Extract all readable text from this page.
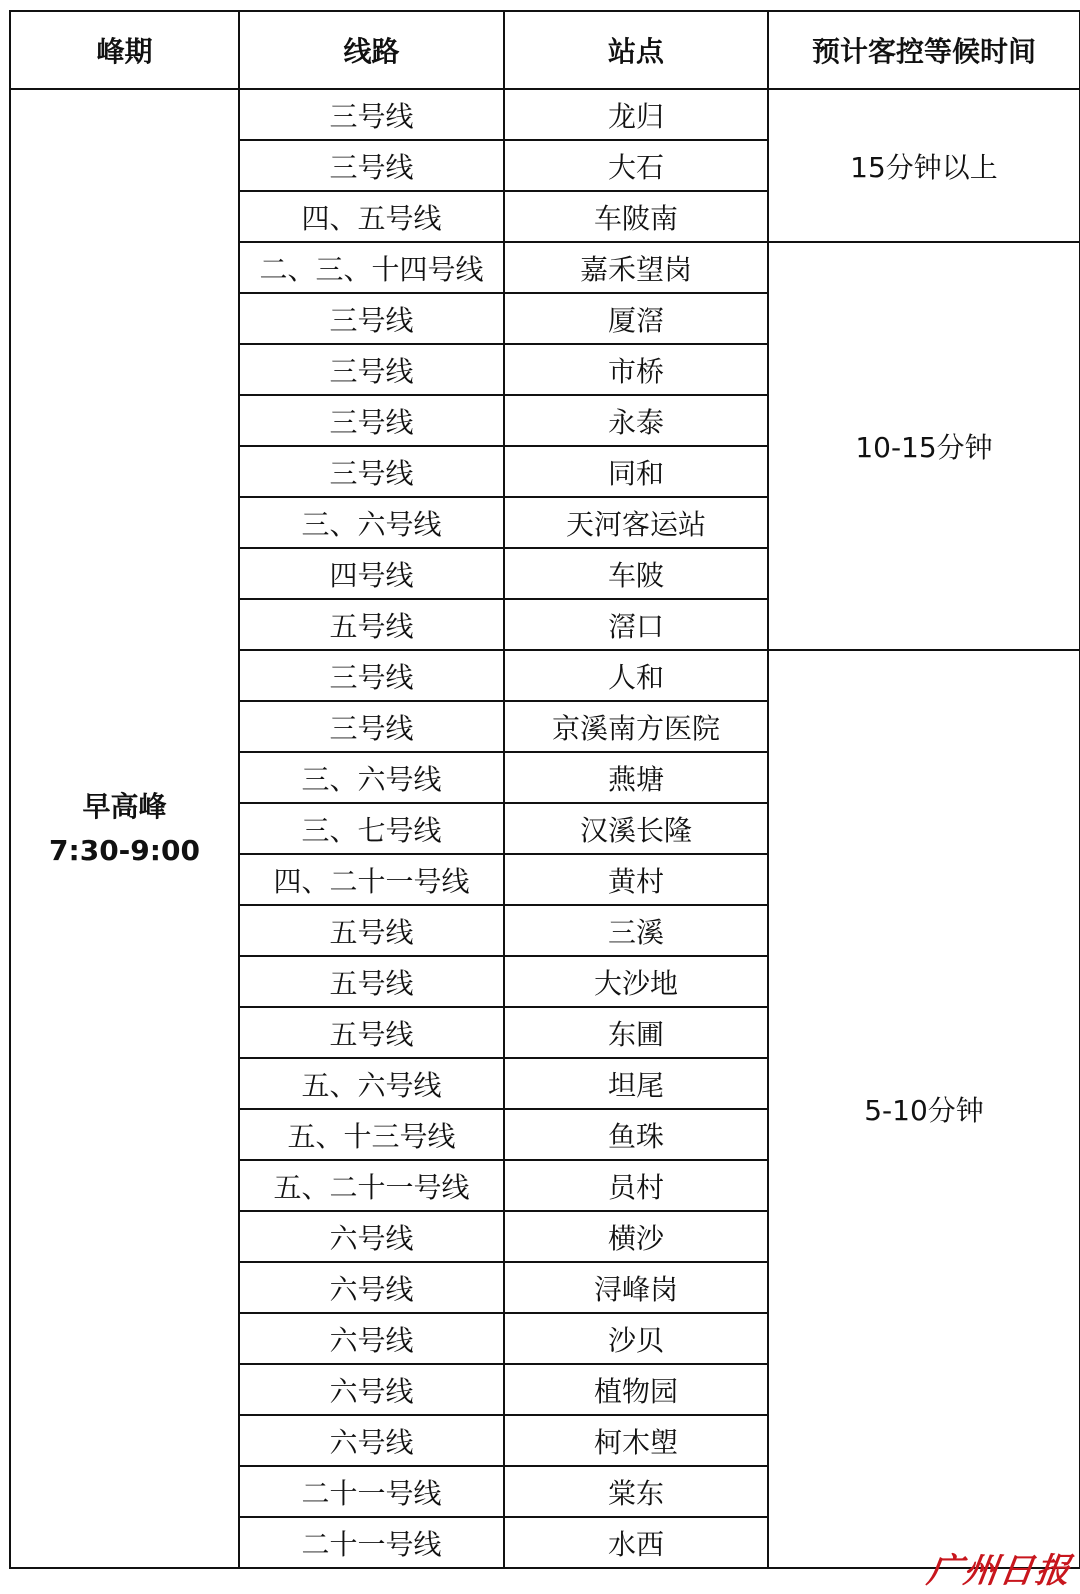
峰期	线路	站点	预计客控等候时间

早高峰
7:30-9:00	三号线	龙归	15分钟以上
	三号线	大石	
	四、五号线	车陂南	
	二、三、十四号线	嘉禾望岗	10-15分钟
	三号线	厦滘	
	三号线	市桥	
	三号线	永泰	
	三号线	同和	
	三、六号线	天河客运站	
	四号线	车陂	
	五号线	滘口	
	三号线	人和	5-10分钟
	三号线	京溪南方医院	
	三、六号线	燕塘	
	三、七号线	汉溪长隆	
	四、二十一号线	黄村	
	五号线	三溪	
	五号线	大沙地	
	五号线	东圃	
	五、六号线	坦尾	
	五、十三号线	鱼珠	
	五、二十一号线	员村	
	六号线	横沙	
	六号线	浔峰岗	
	六号线	沙贝	
	六号线	植物园	
	六号线	柯木塱	
	二十一号线	棠东	
	二十一号线	水西	
广州日报
